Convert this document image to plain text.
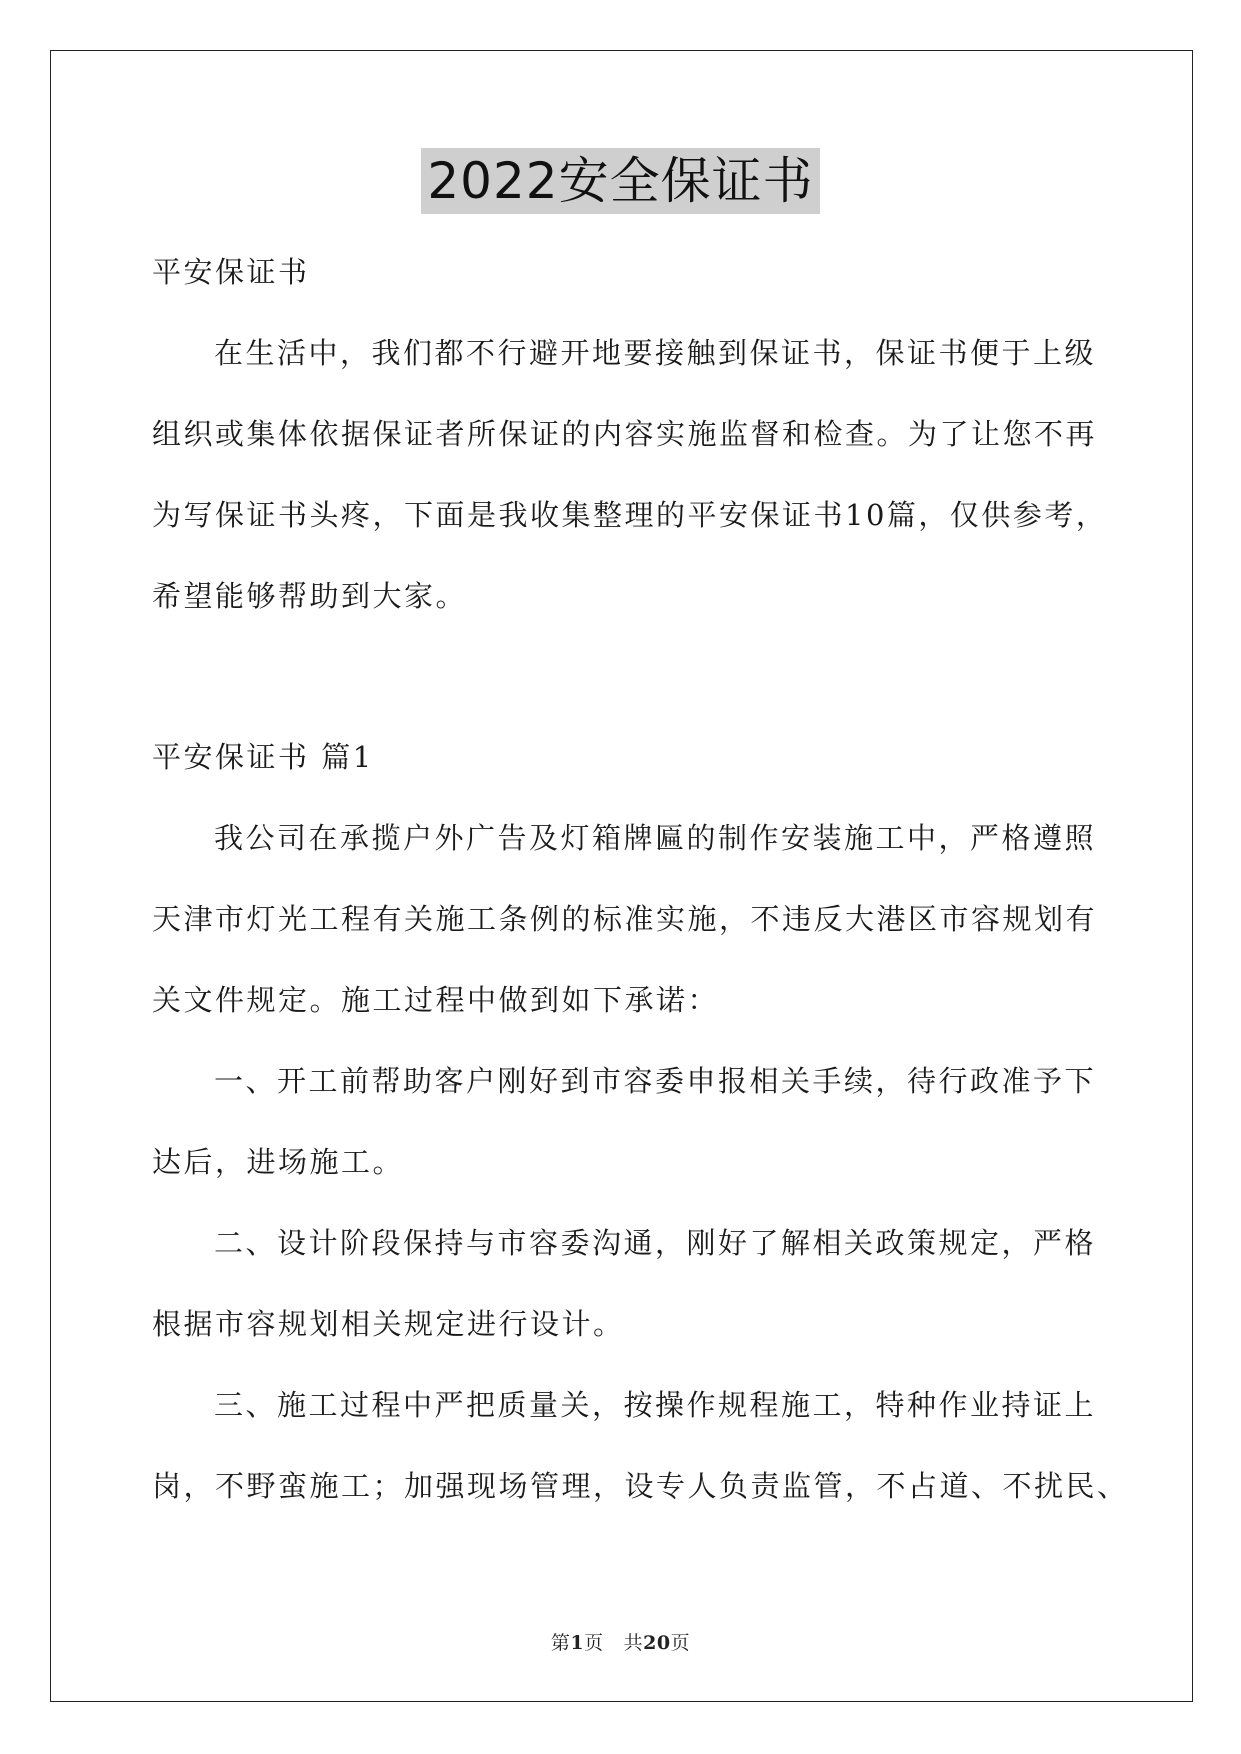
2022安全保证书
平安保证书
在生活中，我们都不行避开地要接触到保证书，保证书便于上级
组织或集体依据保证者所保证的内容实施监督和检查。为了让您不再
为写保证书头疼，下面是我收集整理的平安保证书10篇，仅供参考，
希望能够帮助到大家。
平安保证书 篇1
我公司在承揽户外广告及灯箱牌匾的制作安装施工中，严格遵照
天津市灯光工程有关施工条例的标准实施，不违反大港区市容规划有
关文件规定。施工过程中做到如下承诺：
一、开工前帮助客户刚好到市容委申报相关手续，待行政准予下
达后，进场施工。
二、设计阶段保持与市容委沟通，刚好了解相关政策规定，严格
根据市容规划相关规定进行设计。
三、施工过程中严把质量关，按操作规程施工，特种作业持证上
岗，不野蛮施工；加强现场管理，设专人负责监管，不占道、不扰民、
第1页 共20页
